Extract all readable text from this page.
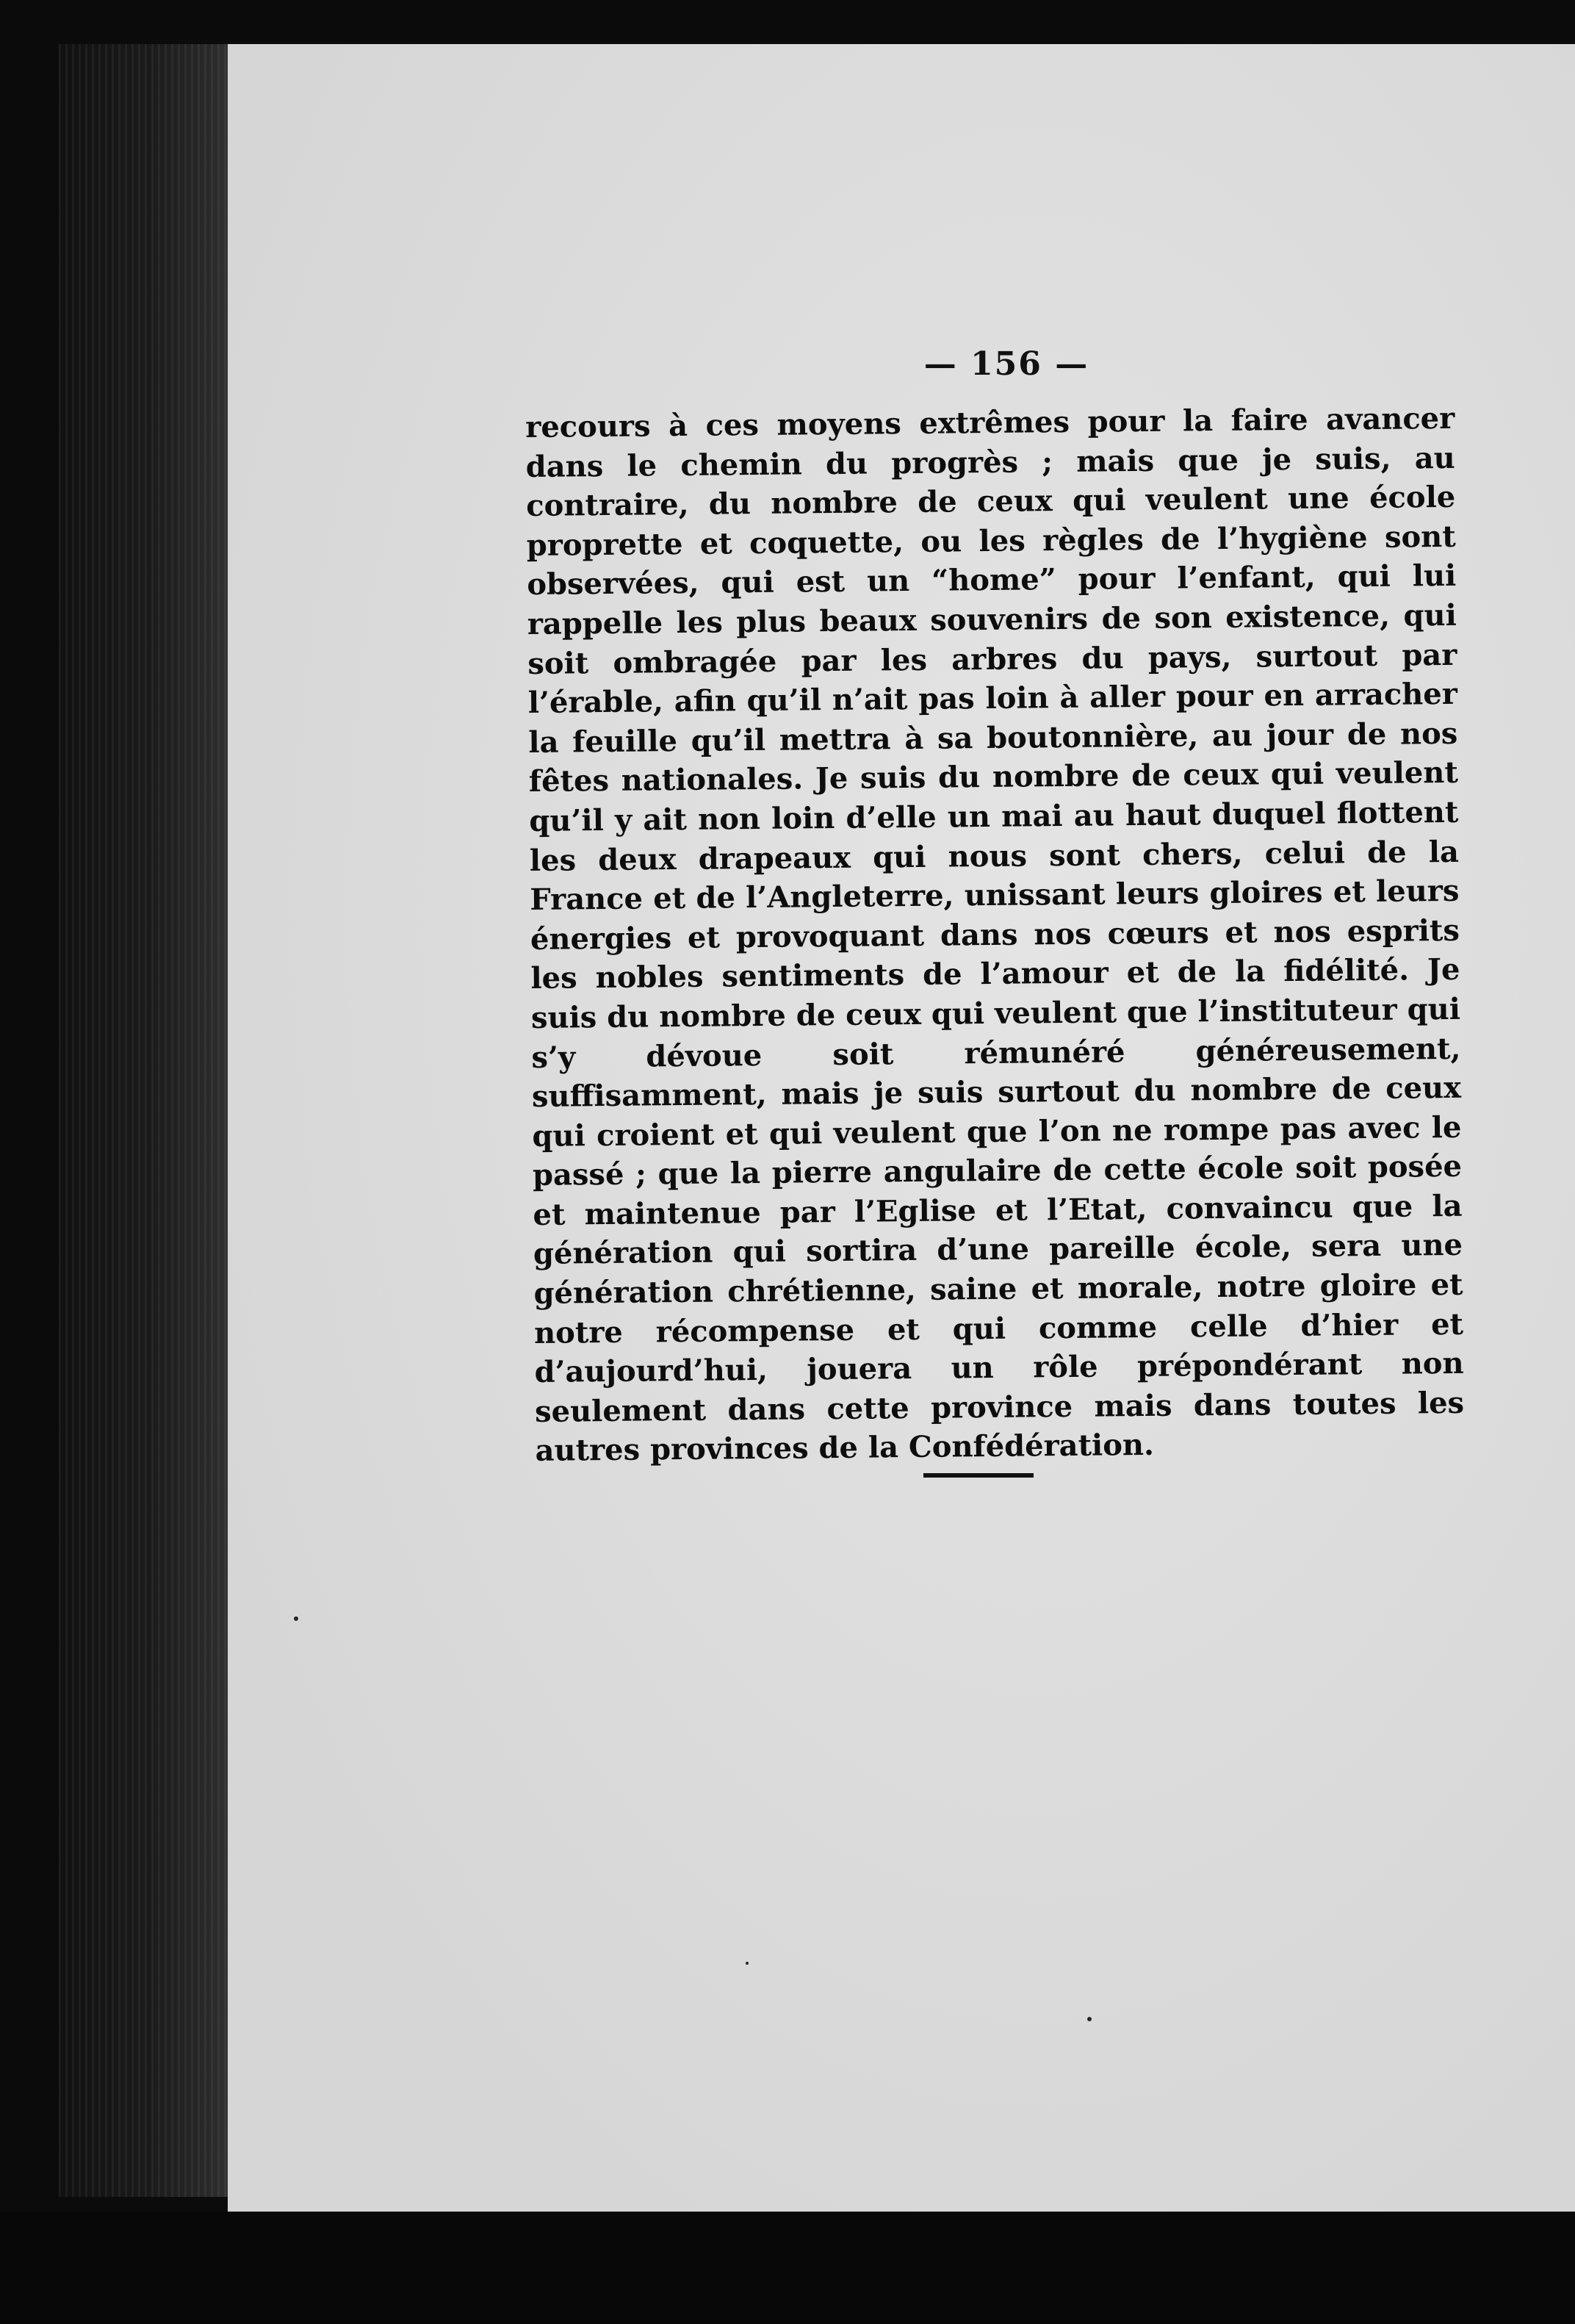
— 156 —

recours à ces moyens extrêmes pour la faire avancer dans le chemin du progrès ; mais que je suis, au contraire, du nombre de ceux qui veulent une école proprette et coquette, ou les règles de l’hygiène sont observées, qui est un “home” pour l’enfant, qui lui rappelle les plus beaux souvenirs de son existence, qui soit ombragée par les arbres du pays, surtout par l’érable, afin qu’il n’ait pas loin à aller pour en arracher la feuille qu’il mettra à sa boutonnière, au jour de nos fêtes nationales. Je suis du nombre de ceux qui veulent qu’il y ait non loin d’elle un mai au haut duquel flottent les deux drapeaux qui nous sont chers, celui de la France et de l’Angleterre, unissant leurs gloires et leurs énergies et provoquant dans nos cœurs et nos esprits les nobles sentiments de l’amour et de la fidélité. Je suis du nombre de ceux qui veulent que l’instituteur qui s’y dévoue soit rémunéré généreusement, suffisamment, mais je suis surtout du nombre de ceux qui croient et qui veulent que l’on ne rompe pas avec le passé ; que la pierre angulaire de cette école soit posée et maintenue par l’Eglise et l’Etat, convaincu que la génération qui sortira d’une pareille école, sera une génération chrétienne, saine et morale, notre gloire et notre récompense et qui comme celle d’hier et d’aujourd’hui, jouera un rôle prépondérant non seulement dans cette province mais dans toutes les autres provinces de la Confédération.
